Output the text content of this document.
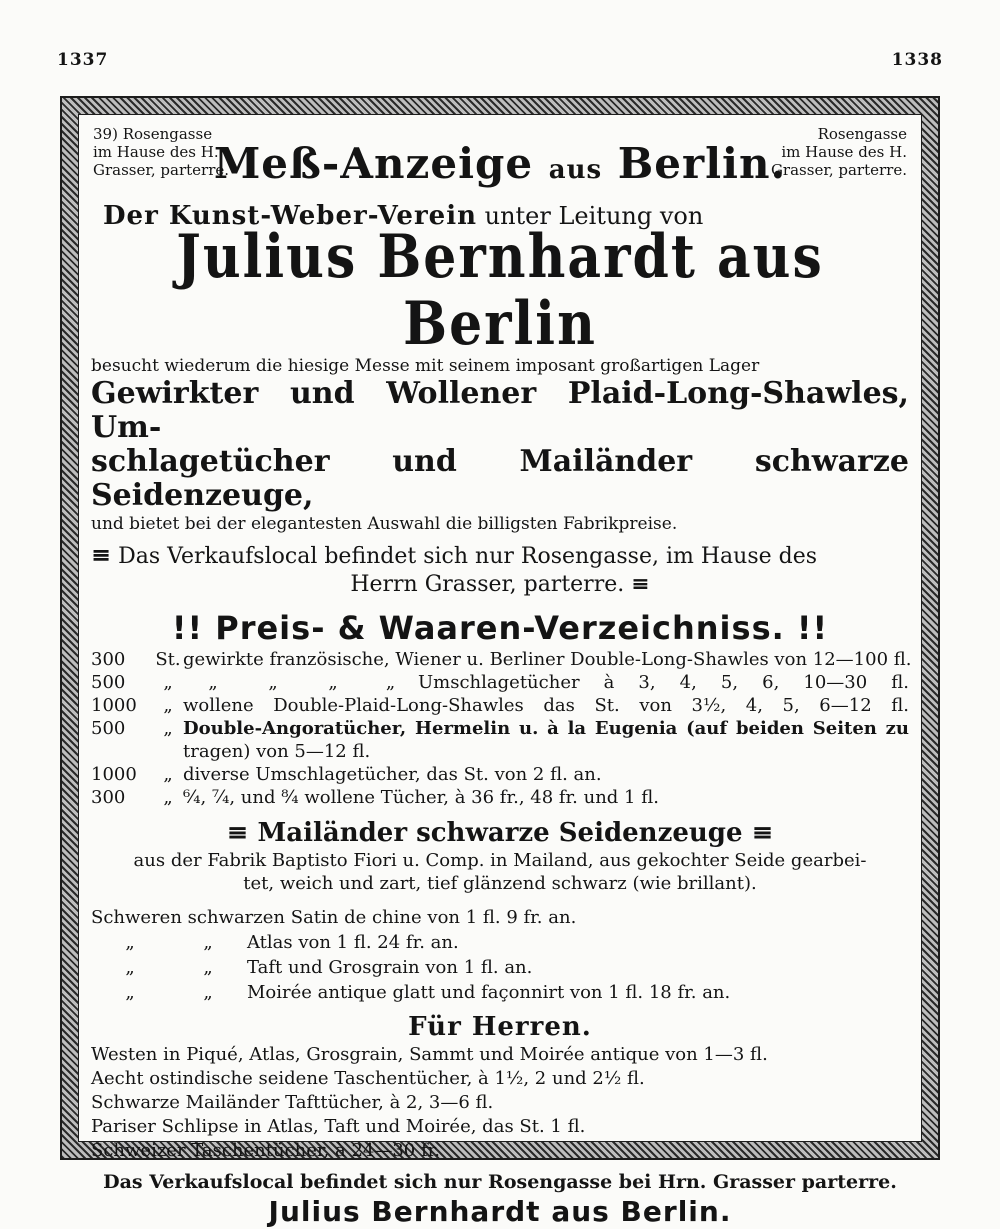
1337	1338
39) Rosengasse
im Hause des H.
Grasser, parterre.
Rosengasse
im Hause des H.
Grasser, parterre.
Meß-Anzeige aus Berlin.
Der Kunst-Weber-Verein unter Leitung von
Julius Bernhardt aus Berlin
besucht wiederum die hiesige Messe mit seinem imposant großartigen Lager
Gewirkter und Wollener Plaid-Long-Shawles, Um-
schlagetücher und Mailänder schwarze Seidenzeuge,
und bietet bei der elegantesten Auswahl die billigsten Fabrikpreise.
≡ Das Verkaufslocal befindet sich nur Rosengasse, im Hause des
Herrn Grasser, parterre. ≡
!! Preis- & Waaren-Verzeichniss. !!
300	St. gewirkte französische, Wiener u. Berliner Double-Long-Shawles von 12—100 fl.
500	„	„	„	„	„	Umschlagetücher à 3, 4, 5, 6, 10—30 fl.
1000	„ wollene Double-Plaid-Long-Shawles das St. von 3½, 4, 5, 6—12 fl.
500	„ Double-Angoratücher, Hermelin u. à la Eugenia (auf beiden Seiten zu
tragen) von 5—12 fl.
1000	„ diverse Umschlagetücher, das St. von 2 fl. an.
300	„ ⁶⁄₄, ⁷⁄₄, und ⁸⁄₄ wollene Tücher, à 36 fr., 48 fr. und 1 fl.
≡ Mailänder schwarze Seidenzeuge ≡
aus der Fabrik Baptisto Fiori u. Comp. in Mailand, aus gekochter Seide gearbei-
tet, weich und zart, tief glänzend schwarz (wie brillant).
Schweren schwarzen Satin de chine von 1 fl. 9 fr. an.
„	„	Atlas von 1 fl. 24 fr. an.
„	„	Taft und Grosgrain von 1 fl. an.
„	„	Moirée antique glatt und façonnirt von 1 fl. 18 fr. an.
Für Herren.
Westen in Piqué, Atlas, Grosgrain, Sammt und Moirée antique von 1—3 fl.
Aecht ostindische seidene Taschentücher, à 1½, 2 und 2½ fl.
Schwarze Mailänder Tafttücher, à 2, 3—6 fl.
Pariser Schlipse in Atlas, Taft und Moirée, das St. 1 fl.
Schweizer Taschentücher, à 24—30 fr.
Das Verkaufslocal befindet sich nur Rosengasse bei Hrn. Grasser parterre.
Julius Bernhardt aus Berlin.
